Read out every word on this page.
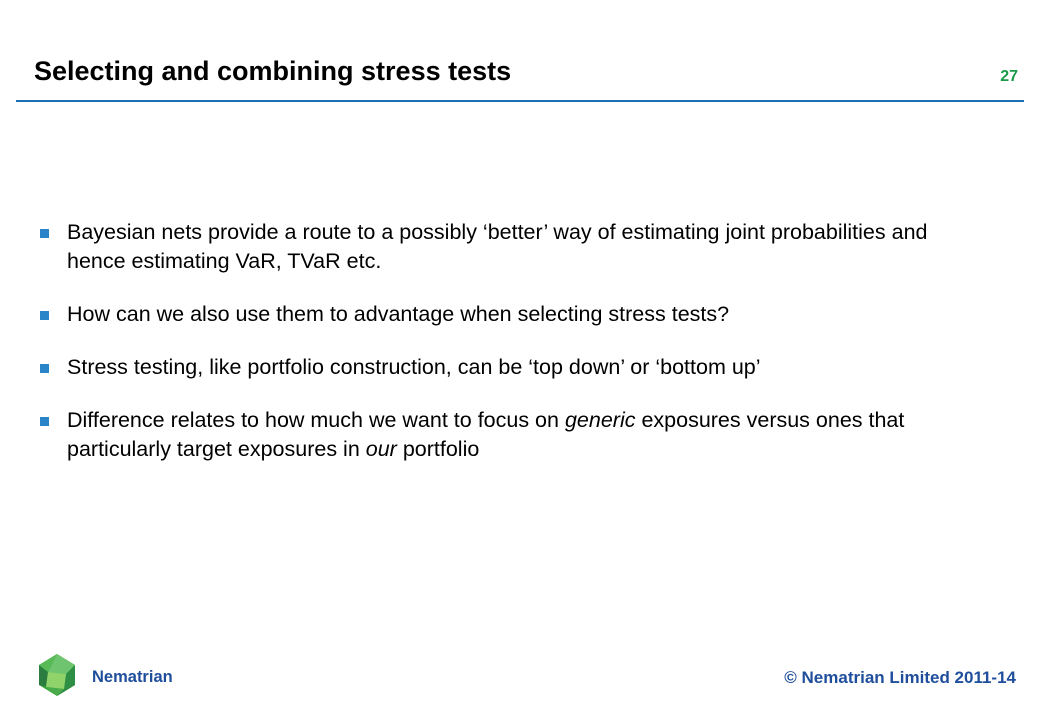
Selecting and combining stress tests	27
Bayesian nets provide a route to a possibly ‘better’ way of estimating joint probabilities and hence estimating VaR, TVaR etc.
How can we also use them to advantage when selecting stress tests?
Stress testing, like portfolio construction, can be ‘top down’ or ‘bottom up’
Difference relates to how much we want to focus on generic exposures versus ones that particularly target exposures in our portfolio
Nematrian	© Nematrian Limited 2011-14
